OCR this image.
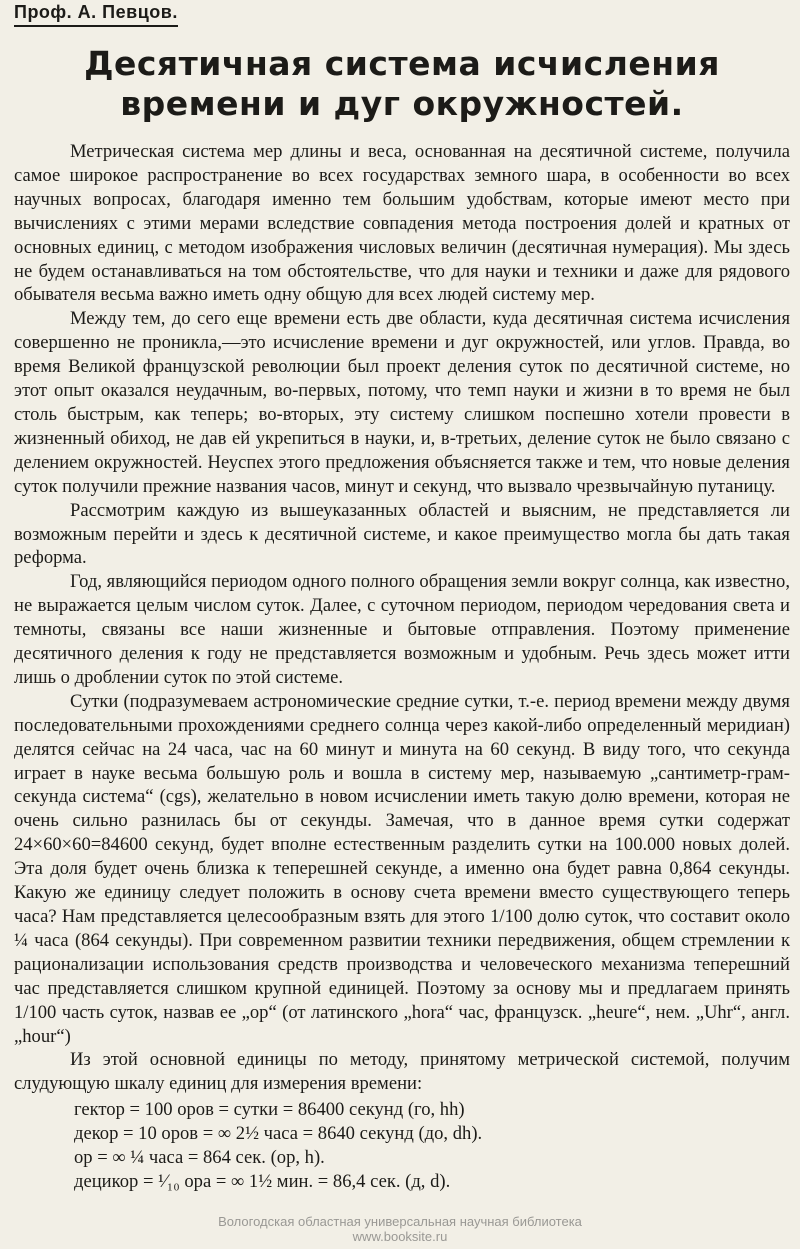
Проф. А. Певцов.
Десятичная система исчисления времени и дуг окружностей.

Метрическая система мер длины и веса, основанная на десятичной системе, получила самое широкое распространение во всех государствах земного шара, в особенности во всех научных вопросах, благодаря именно тем большим удобствам, которые имеют место при вычислениях с этими мерами вследствие совпадения метода построения долей и кратных от основных единиц, с методом изображения числовых величин (десятичная нумерация). Мы здесь не будем останавливаться на том обстоятельстве, что для науки и техники и даже для рядового обывателя весьма важно иметь одну общую для всех людей систему мер.

Между тем, до сего еще времени есть две области, куда десятичная система исчисления совершенно не проникла,—это исчисление времени и дуг окружностей, или углов. Правда, во время Великой французской революции был проект деления суток по десятичной системе, но этот опыт оказался неудачным, во-первых, потому, что темп науки и жизни в то время не был столь быстрым, как теперь; во-вторых, эту систему слишком поспешно хотели провести в жизненный обиход, не дав ей укрепиться в науки, и, в-третьих, деление суток не было связано с делением окружностей. Неуспех этого предложения объясняется также и тем, что новые деления суток получили прежние названия часов, минут и секунд, что вызвало чрезвычайную путаницу.

Рассмотрим каждую из вышеуказанных областей и выясним, не представляется ли возможным перейти и здесь к десятичной системе, и какое преимущество могла бы дать такая реформа.

Год, являющийся периодом одного полного обращения земли вокруг солнца, как известно, не выражается целым числом суток. Далее, с суточном периодом, периодом чередования света и темноты, связаны все наши жизненные и бытовые отправления. Поэтому применение десятичного деления к году не представляется возможным и удобным. Речь здесь может итти лишь о дроблении суток по этой системе.

Сутки (подразумеваем астрономические средние сутки, т.-е. период времени между двумя последовательными прохождениями среднего солнца через какой-либо определенный меридиан) делятся сейчас на 24 часа, час на 60 минут и минута на 60 секунд. В виду того, что секунда играет в науке весьма большую роль и вошла в систему мер, называемую „сантиметр-грам-секунда система“ (cgs), желательно в новом исчислении иметь такую долю времени, которая не очень сильно разнилась бы от секунды. Замечая, что в данное время сутки содержат 24×60×60=84600 секунд, будет вполне естественным разделить сутки на 100.000 новых долей. Эта доля будет очень близка к теперешней секунде, а именно она будет равна 0,864 секунды. Какую же единицу следует положить в основу счета времени вместо существующего теперь часа? Нам представляется целесообразным взять для этого 1/100 долю суток, что составит около ¼ часа (864 секунды). При современном развитии техники передвижения, общем стремлении к рационализации использования средств производства и человеческого механизма теперешний час представляется слишком крупной единицей. Поэтому за основу мы и предлагаем принять 1/100 часть суток, назвав ее „ор“ (от латинского „hora“ час, французск. „heure“, нем. „Uhr“, англ. „hour“)

Из этой основной единицы по методу, принятому метрической системой, получим слудующую шкалу единиц для измерения времени:

гектор = 100 оров = сутки = 86400 секунд (го, hh)
декор = 10 оров = ∞ 2½ часа = 8640 секунд (до, dh).
ор = ∞ ¼ часа = 864 сек. (ор, h).
децикор = ¹⁄₁₀ ора = ∞ 1½ мин. = 86,4 сек. (д, d).
Вологодская областная универсальная научная библиотека
www.booksite.ru
